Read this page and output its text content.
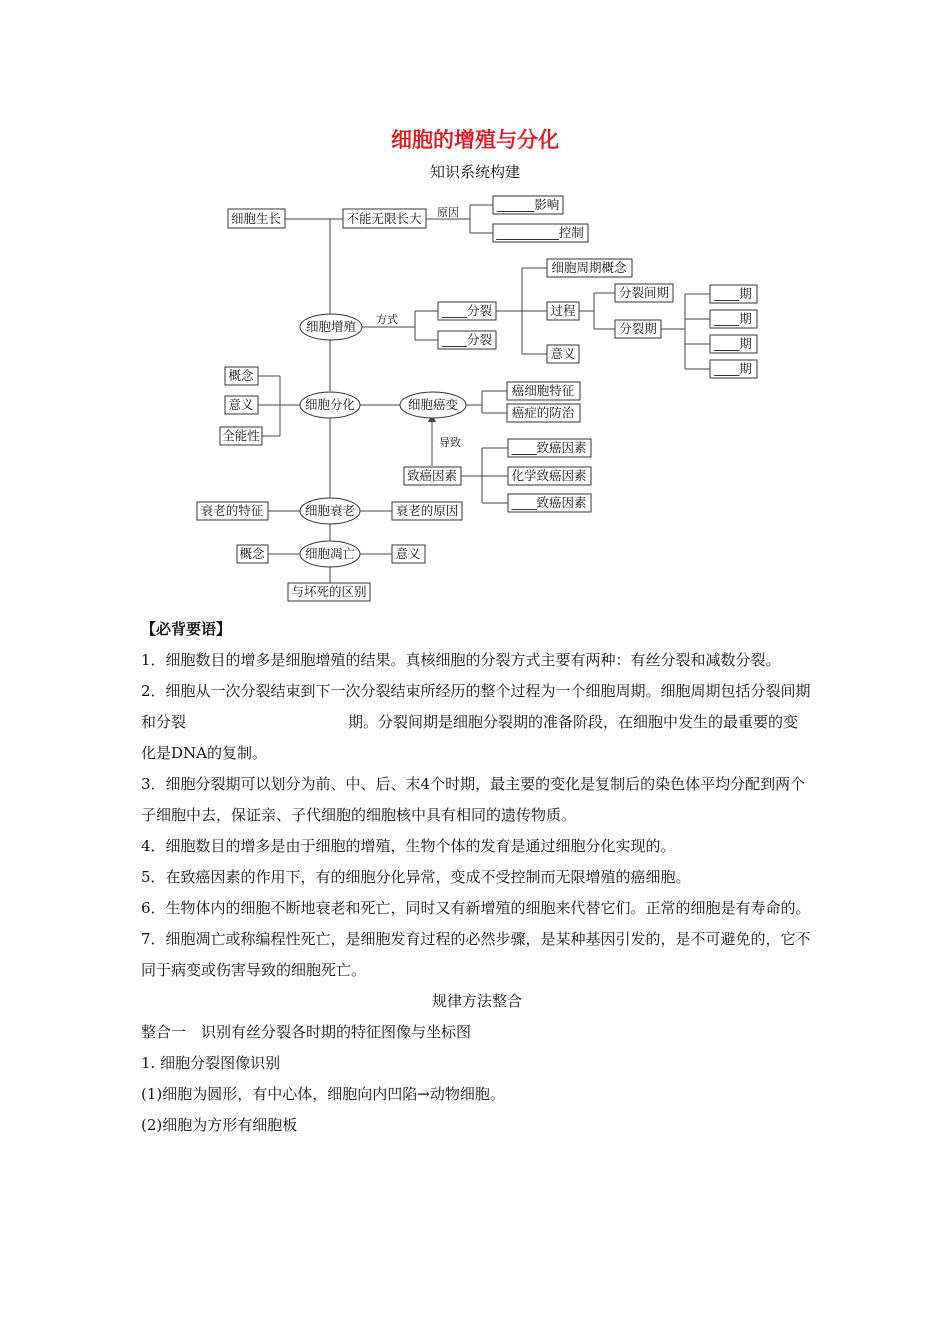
细胞的增殖与分化
知识系统构建
细胞生长	不能无限长大 原因
______影响
__________控制
细胞增殖 方式
____分裂
____分裂
细胞周期概念
过程
意义
分裂间期
分裂期
____期
____期
____期
____期
概念
意义
全能性
细胞分化	细胞癌变
癌细胞特征
癌症的防治
导致
致癌因素
____致癌因素
化学致癌因素
____致癌因素
衰老的特征	细胞衰老	衰老的原因
概念	细胞凋亡	意义
与坏死的区别

【必背要语】

1．细胞数目的增多是细胞增殖的结果。真核细胞的分裂方式主要有两种：有丝分裂和减数分裂。

2．细胞从一次分裂结束到下一次分裂结束所经历的整个过程为一个细胞周期。细胞周期包括分裂间期和分裂	期。分裂间期是细胞分裂期的准备阶段，在细胞中发生的最重要的变化是DNA的复制。

3．细胞分裂期可以划分为前、中、后、末4个时期，最主要的变化是复制后的染色体平均分配到两个子细胞中去，保证亲、子代细胞的细胞核中具有相同的遗传物质。

4．细胞数目的增多是由于细胞的增殖，生物个体的发育是通过细胞分化实现的。

5．在致癌因素的作用下，有的细胞分化异常，变成不受控制而无限增殖的癌细胞。

6．生物体内的细胞不断地衰老和死亡，同时又有新增殖的细胞来代替它们。正常的细胞是有寿命的。

7．细胞凋亡或称编程性死亡，是细胞发育过程的必然步骤，是某种基因引发的，是不可避免的，它不同于病变或伤害导致的细胞死亡。

规律方法整合

整合一　识别有丝分裂各时期的特征图像与坐标图

1. 细胞分裂图像识别

(1)细胞为圆形，有中心体，细胞向内凹陷→动物细胞。

(2)细胞为方形有细胞板
